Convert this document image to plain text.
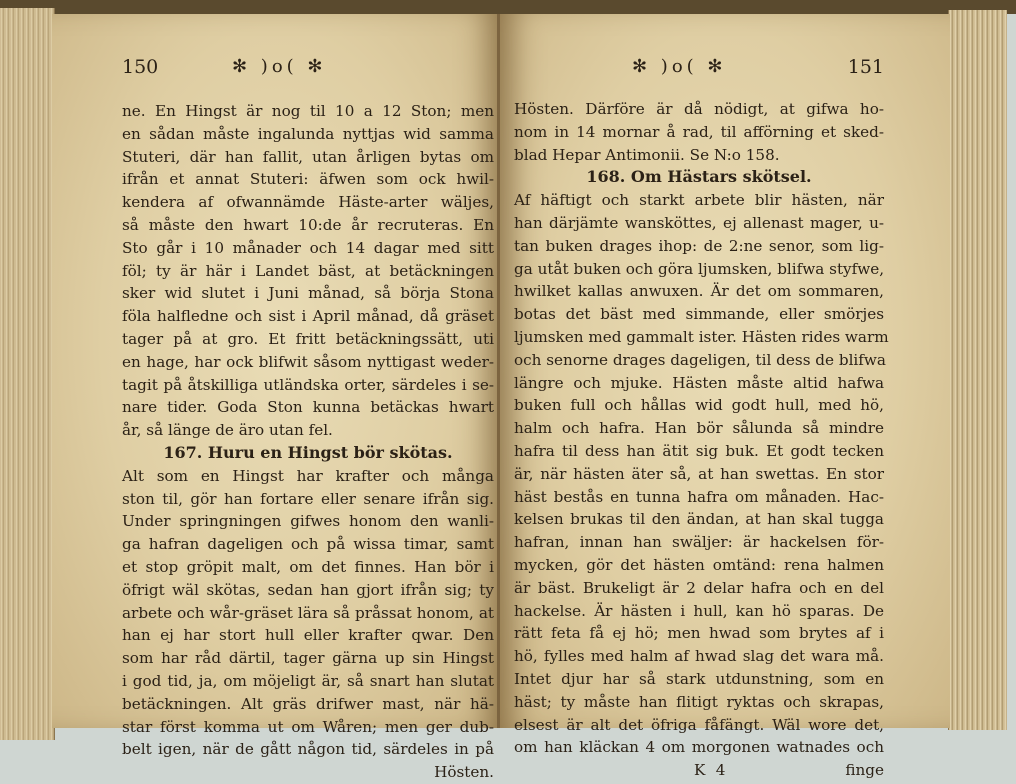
150	✻ )o( ✻
ne. En Hingst är nog til 10 a 12 Ston; men
en sådan måste ingalunda nyttjas wid samma
Stuteri, där han fallit, utan årligen bytas om
ifrån et annat Stuteri: äfwen som ock hwil-
kendera af ofwannämde Häste-arter wäljes,
så måste den hwart 10:de år recruteras. En
Sto går i 10 månader och 14 dagar med sitt
föl; ty är här i Landet bäst, at betäckningen
sker wid slutet i Juni månad, så börja Stona
föla halfledne och sist i April månad, då gräset
tager på at gro. Et fritt betäckningssätt, uti
en hage, har ock blifwit såsom nyttigast weder-
tagit på åtskilliga utländska orter, särdeles i se-
nare tider. Goda Ston kunna betäckas hwart
år, så länge de äro utan fel.
167. Huru en Hingst bör skötas.
Alt som en Hingst har krafter och många
ston til, gör han fortare eller senare ifrån sig.
Under springningen gifwes honom den wanli-
ga hafran dageligen och på wissa timar, samt
et stop gröpit malt, om det finnes. Han bör i
öfrigt wäl skötas, sedan han gjort ifrån sig; ty
arbete och wår-gräset lära så pråssat honom, at
han ej har stort hull eller krafter qwar. Den
som har råd därtil, tager gärna up sin Hingst
i god tid, ja, om möjeligt är, så snart han slutat
betäckningen. Alt gräs drifwer mast, när hä-
star först komma ut om Wåren; men ger dub-
belt igen, när de gått någon tid, särdeles in på
Hösten.
✻ )o( ✻	151
Hösten. Därföre är då nödigt, at gifwa ho-
nom in 14 mornar å rad, til afförning et sked-
blad Hepar Antimonii. Se N:o 158.
168. Om Hästars skötsel.
Af häftigt och starkt arbete blir hästen, när
han därjämte wansköttes, ej allenast mager, u-
tan buken drages ihop: de 2:ne senor, som lig-
ga utåt buken och göra ljumsken, blifwa styfwe,
hwilket kallas anwuxen. Är det om sommaren,
botas det bäst med simmande, eller smörjes
ljumsken med gammalt ister. Hästen rides warm
och senorne drages dageligen, til dess de blifwa
längre och mjuke. Hästen måste altid hafwa
buken full och hållas wid godt hull, med hö,
halm och hafra. Han bör sålunda så mindre
hafra til dess han ätit sig buk. Et godt tecken
är, när hästen äter så, at han swettas. En stor
häst bestås en tunna hafra om månaden. Hac-
kelsen brukas til den ändan, at han skal tugga
hafran, innan han swäljer: är hackelsen för-
mycken, gör det hästen omtänd: rena halmen
är bäst. Brukeligt är 2 delar hafra och en del
hackelse. Är hästen i hull, kan hö sparas. De
rätt feta få ej hö; men hwad som brytes af i
hö, fylles med halm af hwad slag det wara må.
Intet djur har så stark utdunstning, som en
häst; ty måste han flitigt ryktas och skrapas,
elsest är alt det öfriga fåfängt. Wäl wore det,
om han kläckan 4 om morgonen watnades och
K 4	finge
